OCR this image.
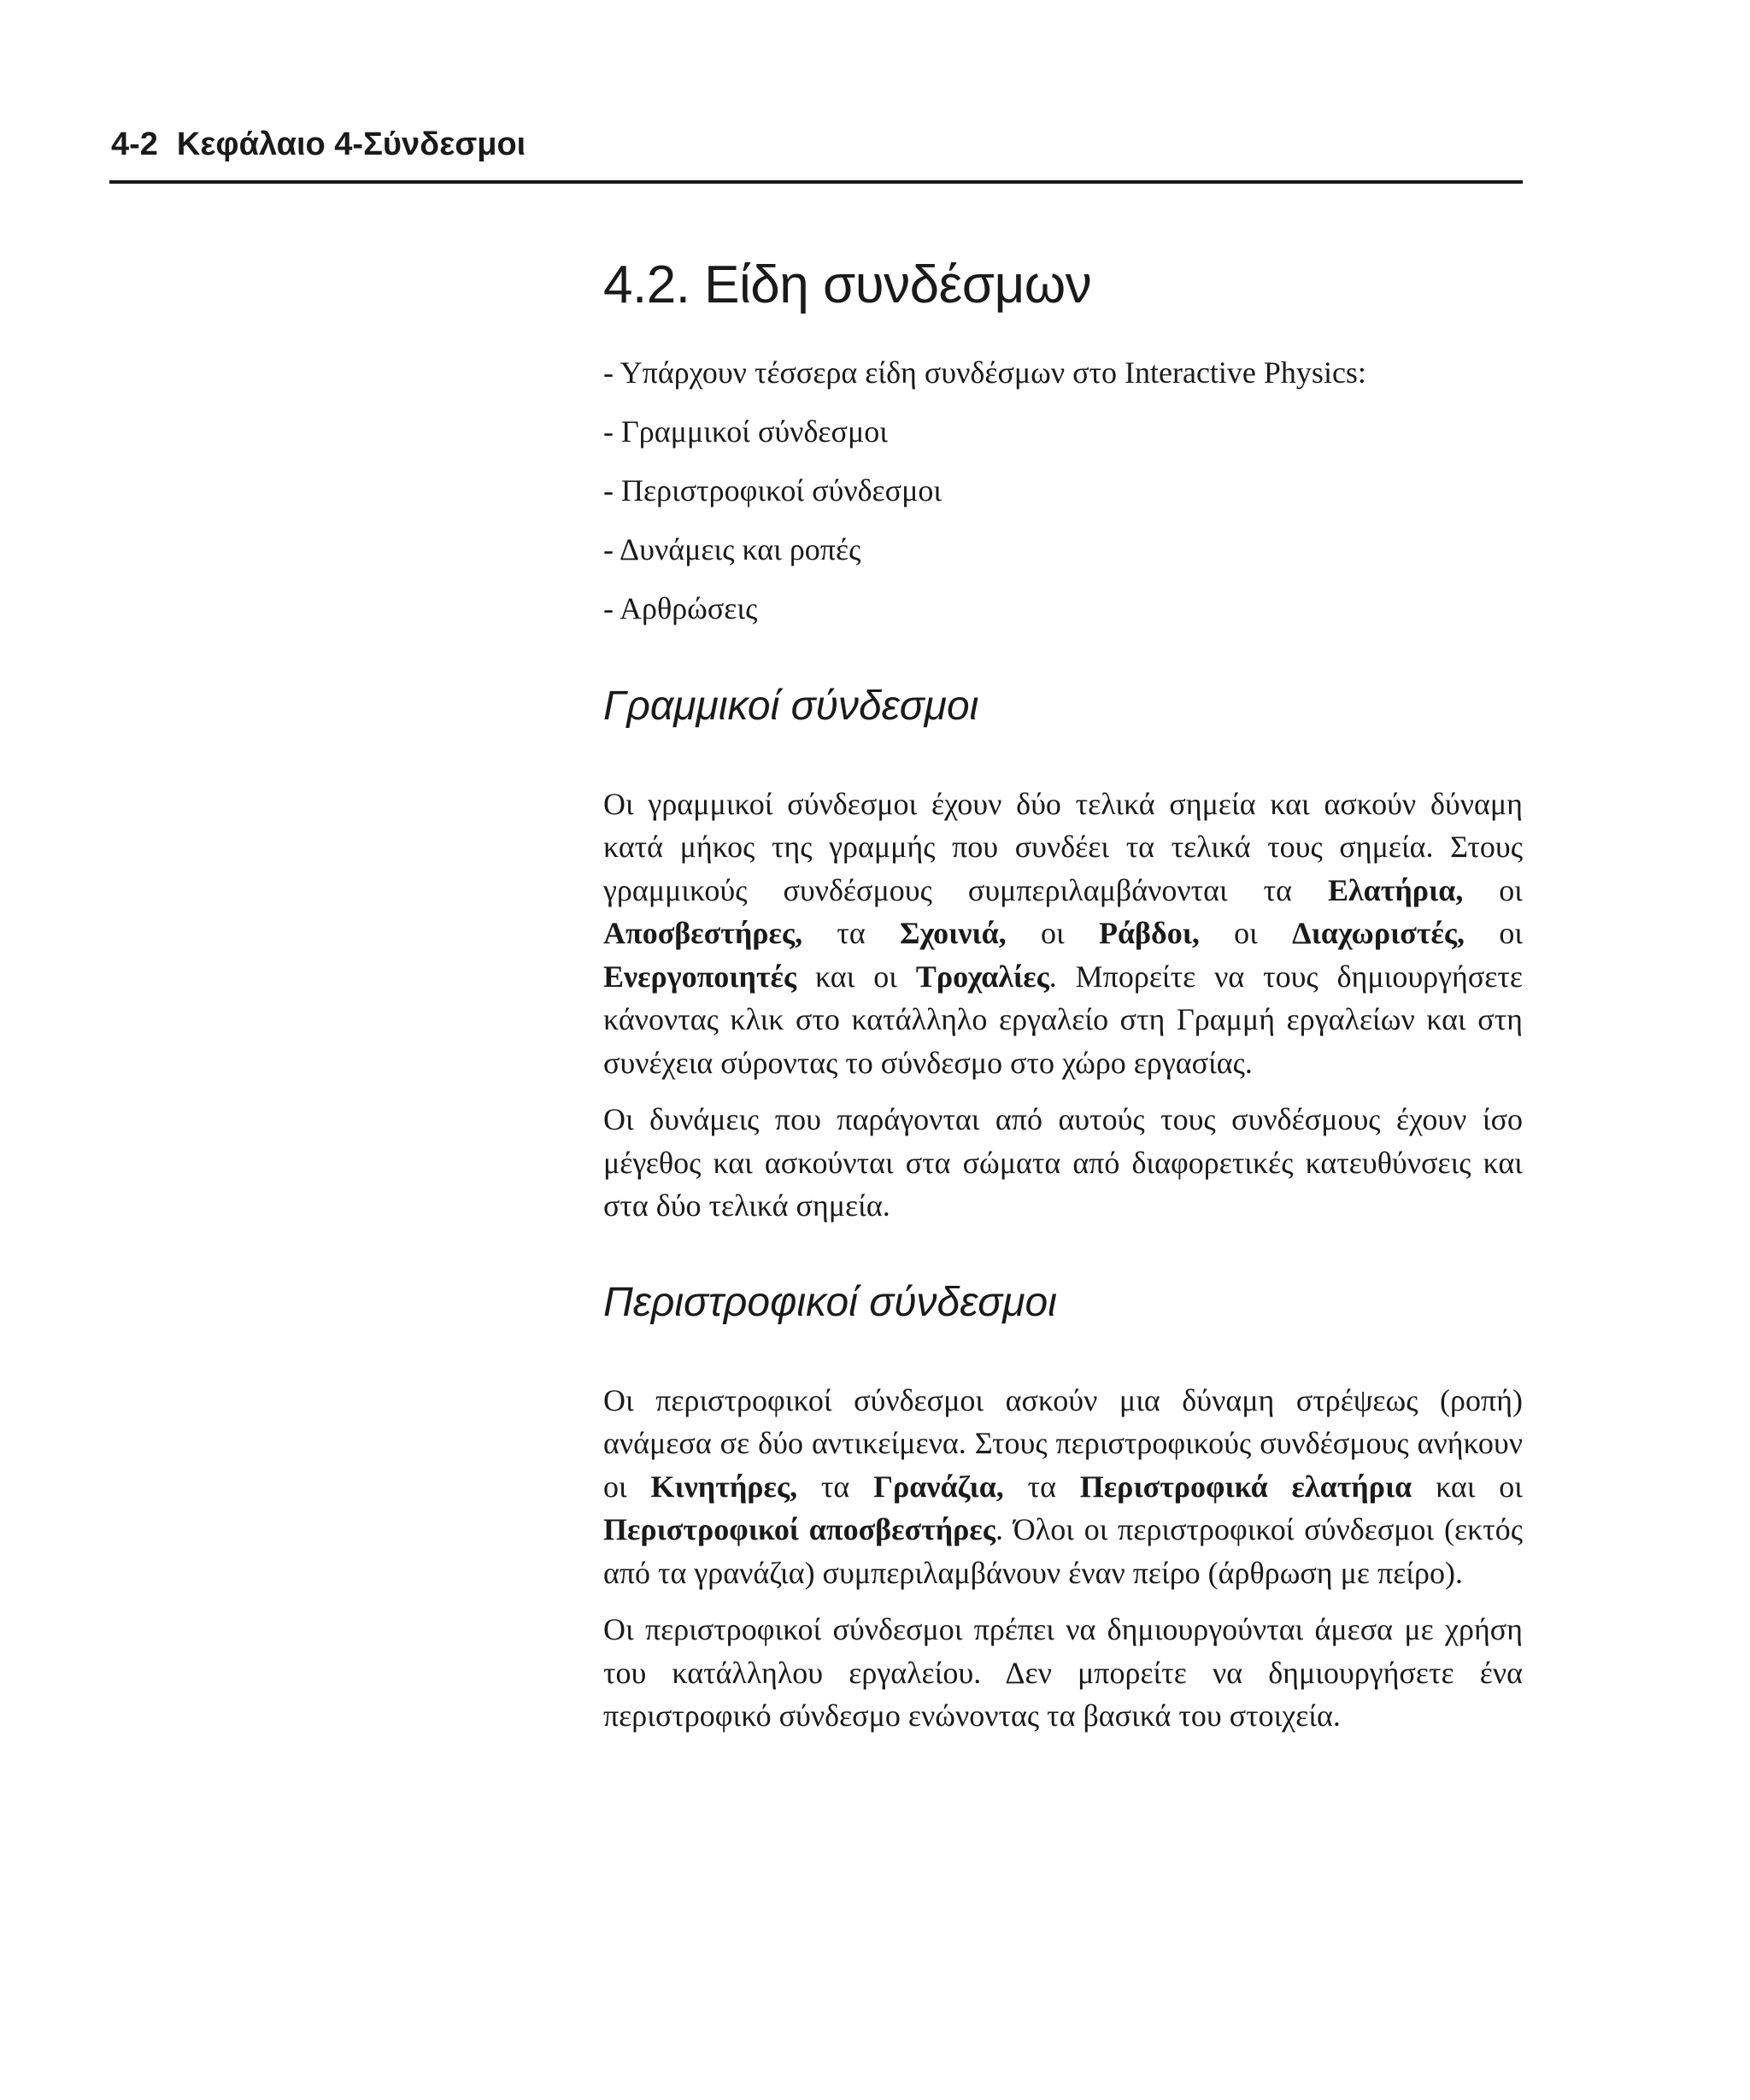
4-2 Κεφάλαιο 4-Σύνδεσμοι
4.2. Είδη συνδέσμων

- Υπάρχουν τέσσερα είδη συνδέσμων στο Interactive Physics:

- Γραμμικοί σύνδεσμοι

- Περιστροφικοί σύνδεσμοι

- Δυνάμεις και ροπές

- Αρθρώσεις

Γραμμικοί σύνδεσμοι

Οι γραμμικοί σύνδεσμοι έχουν δύο τελικά σημεία και ασκούν δύναμη κατά μήκος της γραμμής που συνδέει τα τελικά τους σημεία. Στους γραμμικούς συνδέσμους συμπεριλαμβάνονται τα Ελατήρια, οι Αποσβεστήρες, τα Σχοινιά, οι Ράβδοι, οι Διαχωριστές, οι Ενεργοποιητές και οι Τροχαλίες. Μπορείτε να τους δημιουργήσετε κάνοντας κλικ στο κατάλληλο εργαλείο στη Γραμμή εργαλείων και στη συνέχεια σύροντας το σύνδεσμο στο χώρο εργασίας.

Οι δυνάμεις που παράγονται από αυτούς τους συνδέσμους έχουν ίσο μέγεθος και ασκούνται στα σώματα από διαφορετικές κατευθύνσεις και στα δύο τελικά σημεία.

Περιστροφικοί σύνδεσμοι

Οι περιστροφικοί σύνδεσμοι ασκούν μια δύναμη στρέψεως (ροπή) ανάμεσα σε δύο αντικείμενα. Στους περιστροφικούς συνδέσμους ανήκουν οι Κινητήρες, τα Γρανάζια, τα Περιστροφικά ελατήρια και οι Περιστροφικοί αποσβεστήρες. Όλοι οι περιστροφικοί σύνδεσμοι (εκτός από τα γρανάζια) συμπεριλαμβάνουν έναν πείρο (άρθρωση με πείρο).

Οι περιστροφικοί σύνδεσμοι πρέπει να δημιουργούνται άμεσα με χρήση του κατάλληλου εργαλείου. Δεν μπορείτε να δημιουργήσετε ένα περιστροφικό σύνδεσμο ενώνοντας τα βασικά του στοιχεία.
